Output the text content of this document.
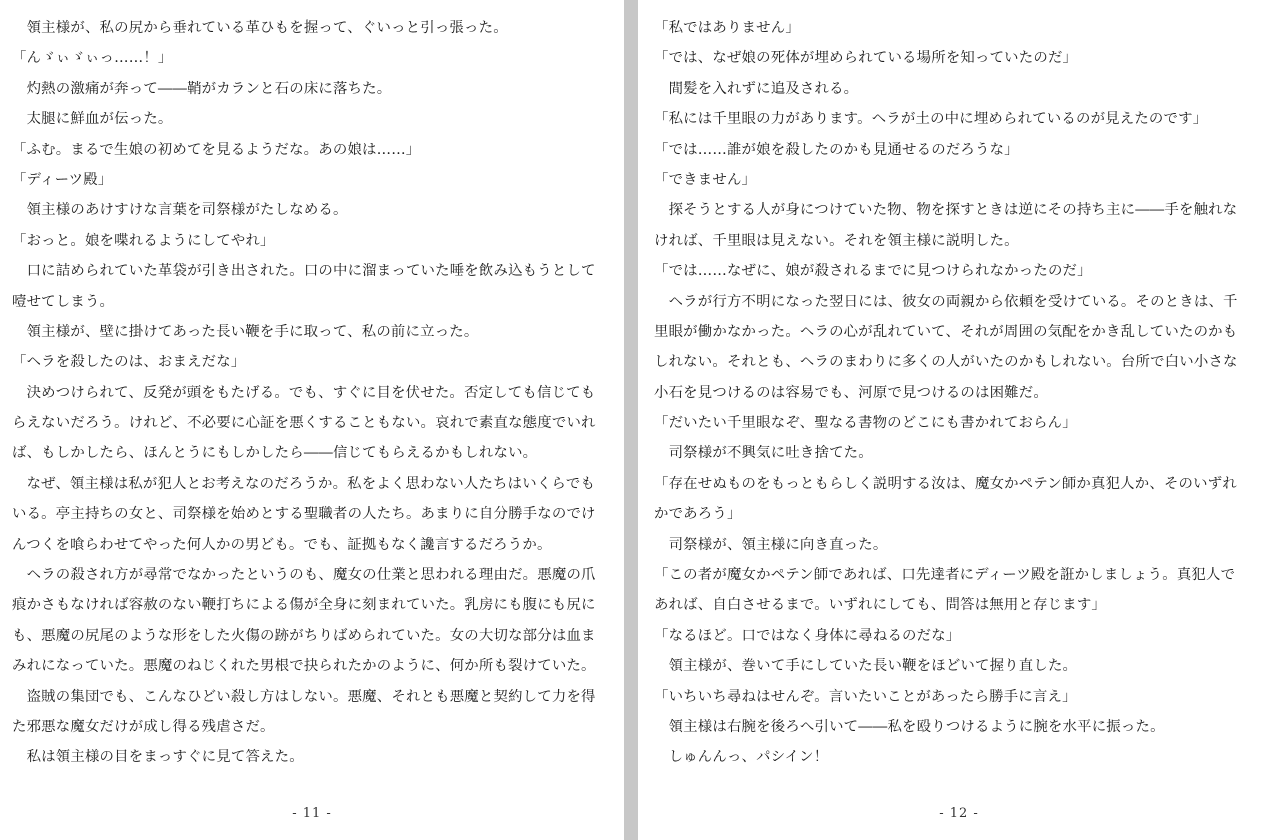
　領主様が、私の尻から垂れている革ひもを握って、ぐいっと引っ張った。
「んゞぃゞぃっ……！」
　灼熱の激痛が奔って――鞘がカランと石の床に落ちた。
　太腿に鮮血が伝った。
「ふむ。まるで生娘の初めてを見るようだな。あの娘は……」
「ディーツ殿」
　領主様のあけすけな言葉を司祭様がたしなめる。
「おっと。娘を喋れるようにしてやれ」
　口に詰められていた革袋が引き出された。口の中に溜まっていた唾を飲み込もうとして
噎せてしまう。
　領主様が、壁に掛けてあった長い鞭を手に取って、私の前に立った。
「ヘラを殺したのは、おまえだな」
　決めつけられて、反発が頭をもたげる。でも、すぐに目を伏せた。否定しても信じても
らえないだろう。けれど、不必要に心証を悪くすることもない。哀れで素直な態度でいれ
ば、もしかしたら、ほんとうにもしかしたら――信じてもらえるかもしれない。
　なぜ、領主様は私が犯人とお考えなのだろうか。私をよく思わない人たちはいくらでも
いる。亭主持ちの女と、司祭様を始めとする聖職者の人たち。あまりに自分勝手なのでけ
んつくを喰らわせてやった何人かの男ども。でも、証拠もなく讒言するだろうか。
　ヘラの殺され方が尋常でなかったというのも、魔女の仕業と思われる理由だ。悪魔の爪
痕かさもなければ容赦のない鞭打ちによる傷が全身に刻まれていた。乳房にも腹にも尻に
も、悪魔の尻尾のような形をした火傷の跡がちりばめられていた。女の大切な部分は血ま
みれになっていた。悪魔のねじくれた男根で抉られたかのように、何か所も裂けていた。
　盗賊の集団でも、こんなひどい殺し方はしない。悪魔、それとも悪魔と契約して力を得
た邪悪な魔女だけが成し得る残虐さだ。
　私は領主様の目をまっすぐに見て答えた。
- 11 -
「私ではありません」
「では、なぜ娘の死体が埋められている場所を知っていたのだ」
　間髪を入れずに追及される。
「私には千里眼の力があります。ヘラが土の中に埋められているのが見えたのです」
「では……誰が娘を殺したのかも見通せるのだろうな」
「できません」
　探そうとする人が身につけていた物、物を探すときは逆にその持ち主に――手を触れな
ければ、千里眼は見えない。それを領主様に説明した。
「では……なぜに、娘が殺されるまでに見つけられなかったのだ」
　ヘラが行方不明になった翌日には、彼女の両親から依頼を受けている。そのときは、千
里眼が働かなかった。ヘラの心が乱れていて、それが周囲の気配をかき乱していたのかも
しれない。それとも、ヘラのまわりに多くの人がいたのかもしれない。台所で白い小さな
小石を見つけるのは容易でも、河原で見つけるのは困難だ。
「だいたい千里眼なぞ、聖なる書物のどこにも書かれておらん」
　司祭様が不興気に吐き捨てた。
「存在せぬものをもっともらしく説明する汝は、魔女かペテン師か真犯人か、そのいずれ
かであろう」
　司祭様が、領主様に向き直った。
「この者が魔女かペテン師であれば、口先達者にディーツ殿を誑かしましょう。真犯人で
あれば、自白させるまで。いずれにしても、問答は無用と存じます」
「なるほど。口ではなく身体に尋ねるのだな」
　領主様が、巻いて手にしていた長い鞭をほどいて握り直した。
「いちいち尋ねはせんぞ。言いたいことがあったら勝手に言え」
　領主様は右腕を後ろへ引いて――私を殴りつけるように腕を水平に振った。
　しゅんんっ、パシイン！
- 12 -
